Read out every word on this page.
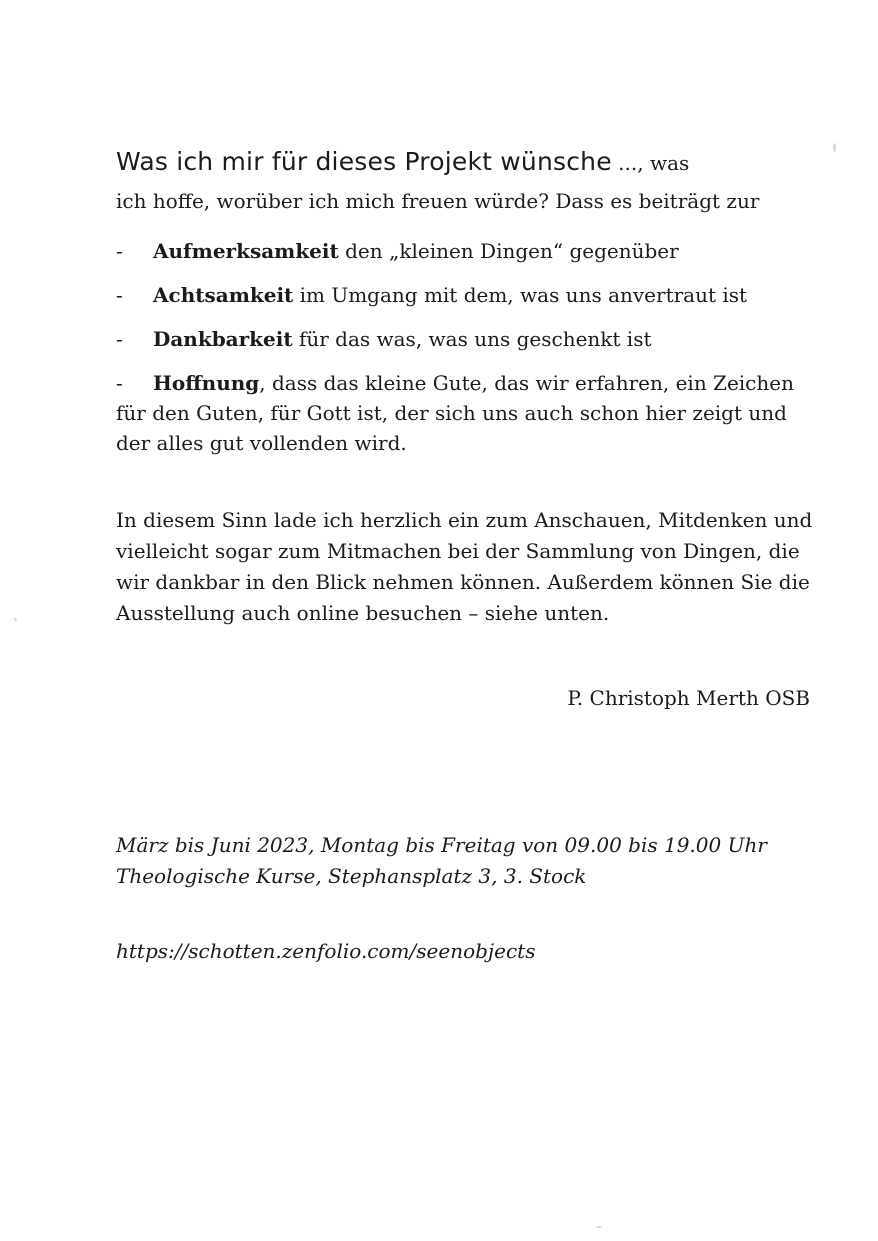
Was ich mir für dieses Projekt wünsche ..., was
ich hoffe, worüber ich mich freuen würde? Dass es beiträgt zur

- Aufmerksamkeit den „kleinen Dingen“ gegenüber
- Achtsamkeit im Umgang mit dem, was uns anvertraut ist
- Dankbarkeit für das was, was uns geschenkt ist
- Hoffnung, dass das kleine Gute, das wir erfahren, ein Zeichen für den Guten, für Gott ist, der sich uns auch schon hier zeigt und der alles gut vollenden wird.

In diesem Sinn lade ich herzlich ein zum Anschauen, Mitdenken und vielleicht sogar zum Mitmachen bei der Sammlung von Dingen, die wir dankbar in den Blick nehmen können. Außerdem können Sie die Ausstellung auch online besuchen – siehe unten.

P. Christoph Merth OSB

März bis Juni 2023, Montag bis Freitag von 09.00 bis 19.00 Uhr
Theologische Kurse, Stephansplatz 3, 3. Stock

https://schotten.zenfolio.com/seenobjects
